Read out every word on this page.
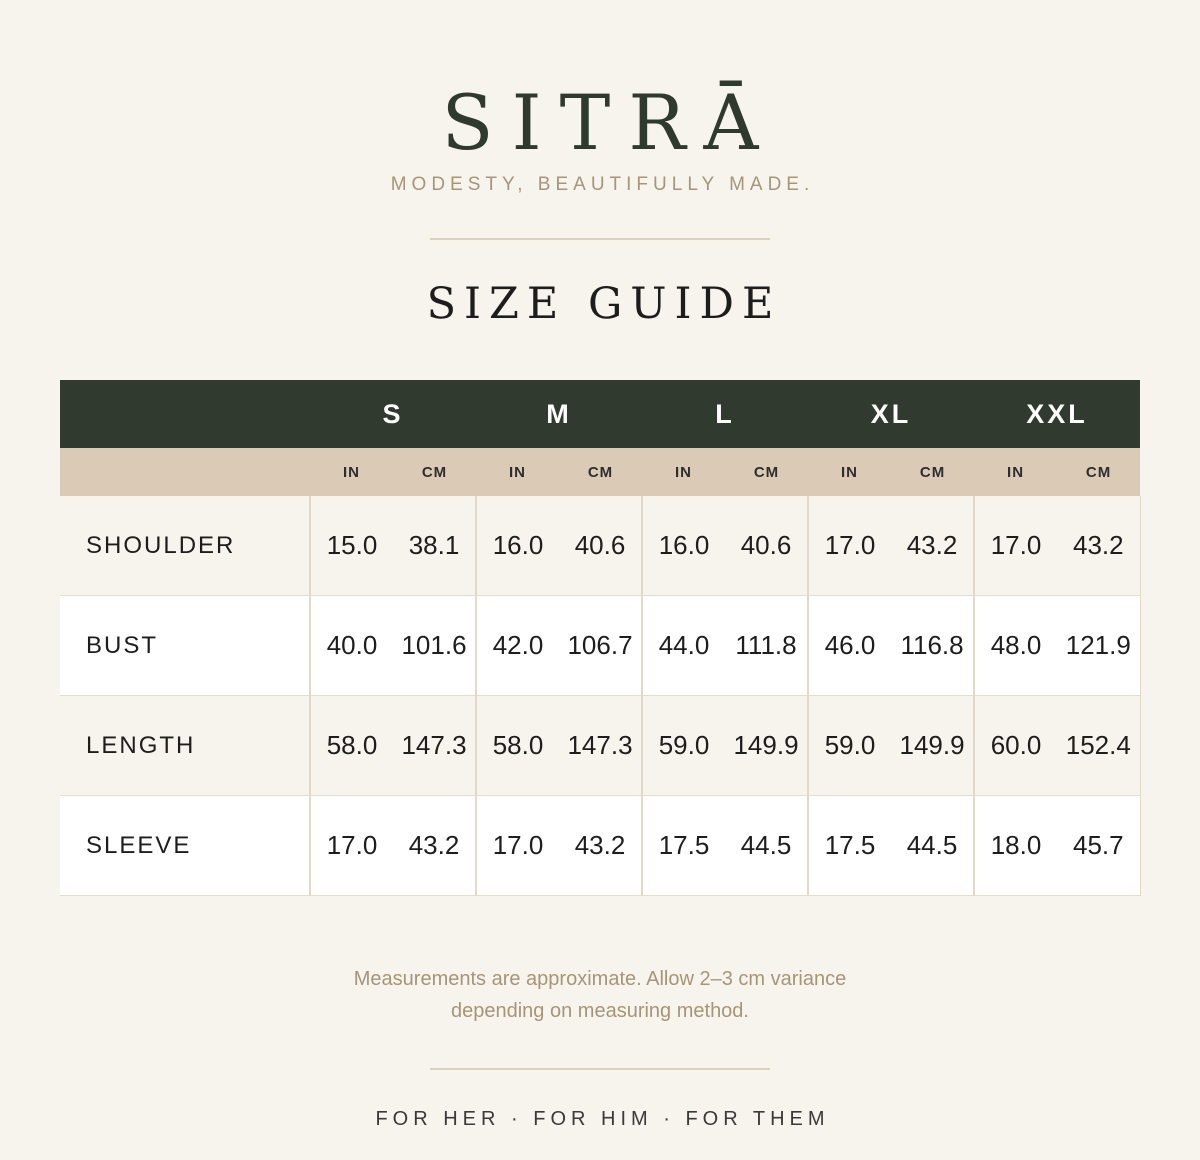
SITRĀ
MODESTY, BEAUTIFULLY MADE.
SIZE GUIDE
	S		M		L		XL		XXL	
	IN	CM	IN	CM	IN	CM	IN	CM	IN	CM
SHOULDER	15.0	38.1	16.0	40.6	16.0	40.6	17.0	43.2	17.0	43.2
BUST	40.0	101.6	42.0	106.7	44.0	111.8	46.0	116.8	48.0	121.9
LENGTH	58.0	147.3	58.0	147.3	59.0	149.9	59.0	149.9	60.0	152.4
SLEEVE	17.0	43.2	17.0	43.2	17.5	44.5	17.5	44.5	18.0	45.7
Measurements are approximate. Allow 2–3 cm variance
depending on measuring method.
FOR HER · FOR HIM · FOR THEM
